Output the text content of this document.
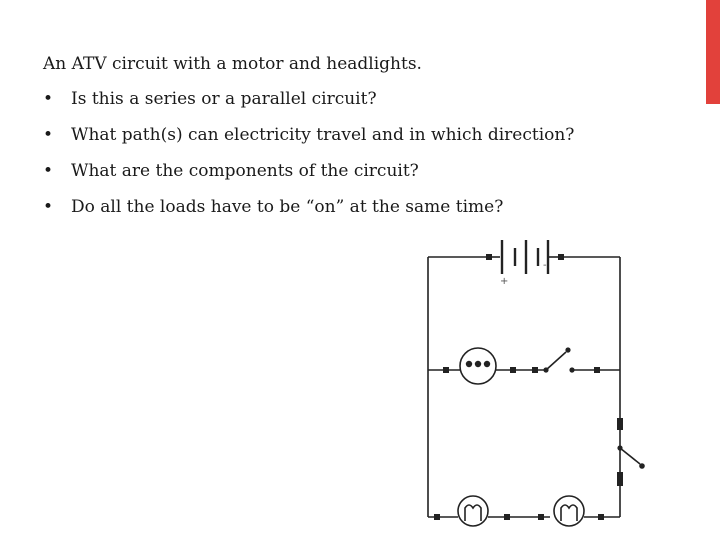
An ATV circuit with a motor and headlights.
•	Is this a series or a parallel circuit?
•	What path(s) can electricity travel and in which direction?
•	What are the components of the circuit?
•	Do all the loads have to be “on” at the same time?
+
-
